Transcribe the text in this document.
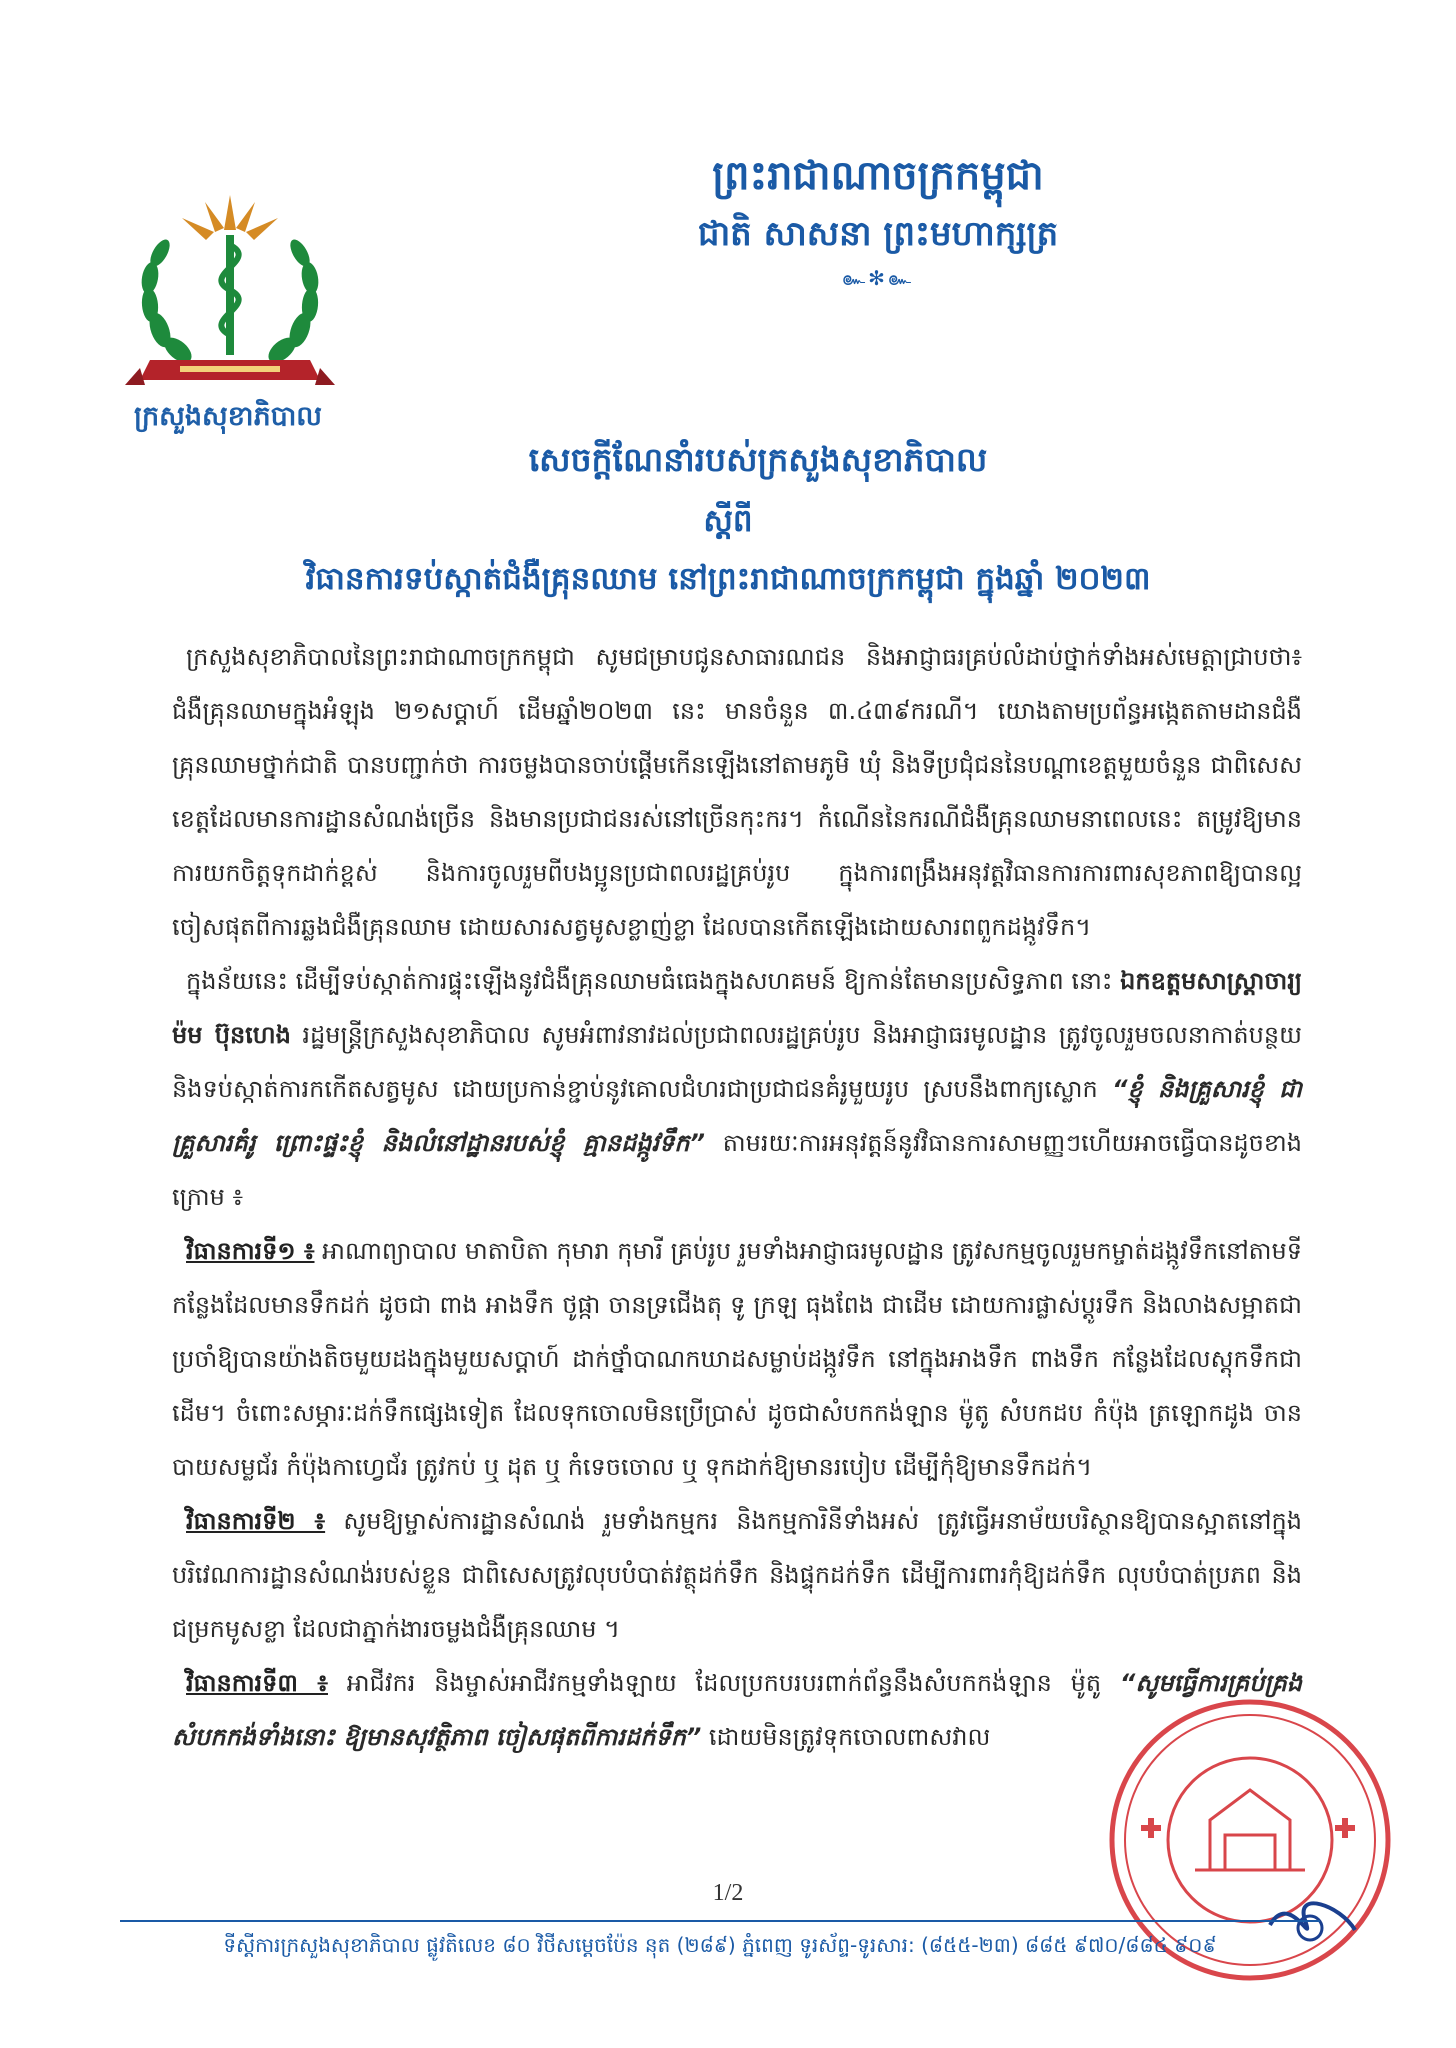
ក្រសួងសុខាភិបាល
ព្រះរាជាណាចក្រកម្ពុជា
ជាតិ សាសនា ព្រះមហាក្សត្រ
๛✻๛
សេចក្ដីណែនាំរបស់ក្រសួងសុខាភិបាល
ស្ដីពី
វិធានការទប់ស្កាត់ជំងឺគ្រុនឈាម នៅព្រះរាជាណាចក្រកម្ពុជា ក្នុងឆ្នាំ ២០២៣

ក្រសួងសុខាភិបាលនៃព្រះរាជាណាចក្រកម្ពុជា សូមជម្រាបជូនសាធារណជន និងអាជ្ញាធរគ្រប់លំដាប់ថ្នាក់ទាំងអស់មេត្តាជ្រាបថា៖ ជំងឺគ្រុនឈាមក្នុងអំឡុង ២១សប្ដាហ៍ ដើមឆ្នាំ២០២៣ នេះ មានចំនួន ៣.៤៣៩ករណី។ យោងតាមប្រព័ន្ធអង្កេតតាមដានជំងឺគ្រុនឈាមថ្នាក់ជាតិ បានបញ្ជាក់ថា ការចម្លងបានចាប់ផ្ដើមកើនឡើងនៅតាមភូមិ ឃុំ និងទីប្រជុំជននៃបណ្ដាខេត្តមួយចំនួន ជាពិសេស ខេត្តដែលមានការដ្ឋានសំណង់ច្រើន និងមានប្រជាជនរស់នៅច្រើនកុះករ។ កំណើននៃករណីជំងឺគ្រុនឈាមនាពេលនេះ តម្រូវឱ្យមានការយកចិត្តទុកដាក់ខ្ពស់ និងការចូលរួមពីបងប្អូនប្រជាពលរដ្ឋគ្រប់រូប ក្នុងការពង្រឹងអនុវត្តវិធានការការពារសុខភាពឱ្យបានល្អ ចៀសផុតពីការឆ្លងជំងឺគ្រុនឈាម ដោយសារសត្វមូសខ្លាញ់ខ្លា ដែលបានកើតឡើងដោយសារពពួកដង្កូវទឹក។

ក្នុងន័យនេះ ដើម្បីទប់ស្កាត់ការផ្ទុះឡើងនូវជំងឺគ្រុនឈាមធំធេងក្នុងសហគមន៍ ឱ្យកាន់តែមានប្រសិទ្ធភាព នោះ ឯកឧត្ដមសាស្ត្រាចារ្យ ម៉ម ប៊ុនហេង រដ្ឋមន្ត្រីក្រសួងសុខាភិបាល សូមអំពាវនាវដល់ប្រជាពលរដ្ឋគ្រប់រូប និងអាជ្ញាធរមូលដ្ឋាន ត្រូវចូលរួមចលនាកាត់បន្ថយ និងទប់ស្កាត់ការកកើតសត្វមូស ដោយប្រកាន់ខ្ជាប់នូវគោលជំហរជាប្រជាជនគំរូមួយរូប ស្របនឹងពាក្យស្លោក “ខ្ញុំ និងគ្រួសារខ្ញុំ ជាគ្រួសារគំរូ ព្រោះផ្ទះខ្ញុំ និងលំនៅដ្ឋានរបស់ខ្ញុំ គ្មានដង្កូវទឹក” តាមរយៈការអនុវត្តន៍នូវវិធានការសាមញ្ញៗហើយអាចធ្វើបានដូចខាងក្រោម ៖

វិធានការទី១ ៖ អាណាព្យាបាល មាតាបិតា កុមារា កុមារី គ្រប់រូប រួមទាំងអាជ្ញាធរមូលដ្ឋាន ត្រូវសកម្មចូលរួមកម្ចាត់ដង្កូវទឹកនៅតាមទីកន្លែងដែលមានទឹកដក់ ដូចជា ពាង អាងទឹក ថូផ្កា ចានទ្រជើងតុ ទូ ក្រឡ ធុងពែង ជាដើម ដោយការផ្លាស់ប្ដូរទឹក និងលាងសម្អាតជាប្រចាំឱ្យបានយ៉ាងតិចមួយដងក្នុងមួយសប្ដាហ៍ ដាក់ថ្នាំបាណកឃាដសម្លាប់ដង្កូវទឹក នៅក្នុងអាងទឹក ពាងទឹក កន្លែងដែលស្តុកទឹកជាដើម។ ចំពោះសម្ភារៈដក់ទឹកផ្សេងទៀត ដែលទុកចោលមិនប្រើប្រាស់ ដូចជាសំបកកង់ឡាន ម៉ូតូ សំបកដប កំប៉ុង ត្រឡោកដូង ចានបាយសម្លជ័រ កំប៉ុងកាហ្វេជ័រ ត្រូវកប់ ឬ ដុត ឬ កំទេចចោល ឬ ទុកដាក់ឱ្យមានរបៀប ដើម្បីកុំឱ្យមានទឹកដក់។

វិធានការទី២ ៖ សូមឱ្យម្ចាស់ការដ្ឋានសំណង់ រួមទាំងកម្មករ និងកម្មការិនីទាំងអស់ ត្រូវធ្វើអនាម័យបរិស្ថានឱ្យបានស្អាតនៅក្នុងបរិវេណការដ្ឋានសំណង់របស់ខ្លួន ជាពិសេសត្រូវលុបបំបាត់វត្ថុដក់ទឹក និងផ្ទុកដក់ទឹក ដើម្បីការពារកុំឱ្យដក់ទឹក លុបបំបាត់ប្រភព និងជម្រកមូសខ្លា ដែលជាភ្នាក់ងារចម្លងជំងឺគ្រុនឈាម ។

វិធានការទី៣ ៖ អាជីវករ និងម្ចាស់អាជីវកម្មទាំងឡាយ ដែលប្រកបរបរពាក់ព័ន្ធនឹងសំបកកង់ឡាន ម៉ូតូ “សូមធ្វើការគ្រប់គ្រងសំបកកង់ទាំងនោះ ឱ្យមានសុវត្ថិភាព ចៀសផុតពីការដក់ទឹក” ដោយមិនត្រូវទុកចោលពាសវាល

1/2
ទីស្ដីការក្រសួងសុខាភិបាល ផ្លូវតិលេខ ៨០ វិថីសម្ដេចប៉ែន នុត (២៨៩) ភ្នំពេញ ទូរស័ព្ទ-ទូរសារ: (៨៥៥-២៣) ៨៨៥ ៩៧០/៨៨៤ ៩០៩
